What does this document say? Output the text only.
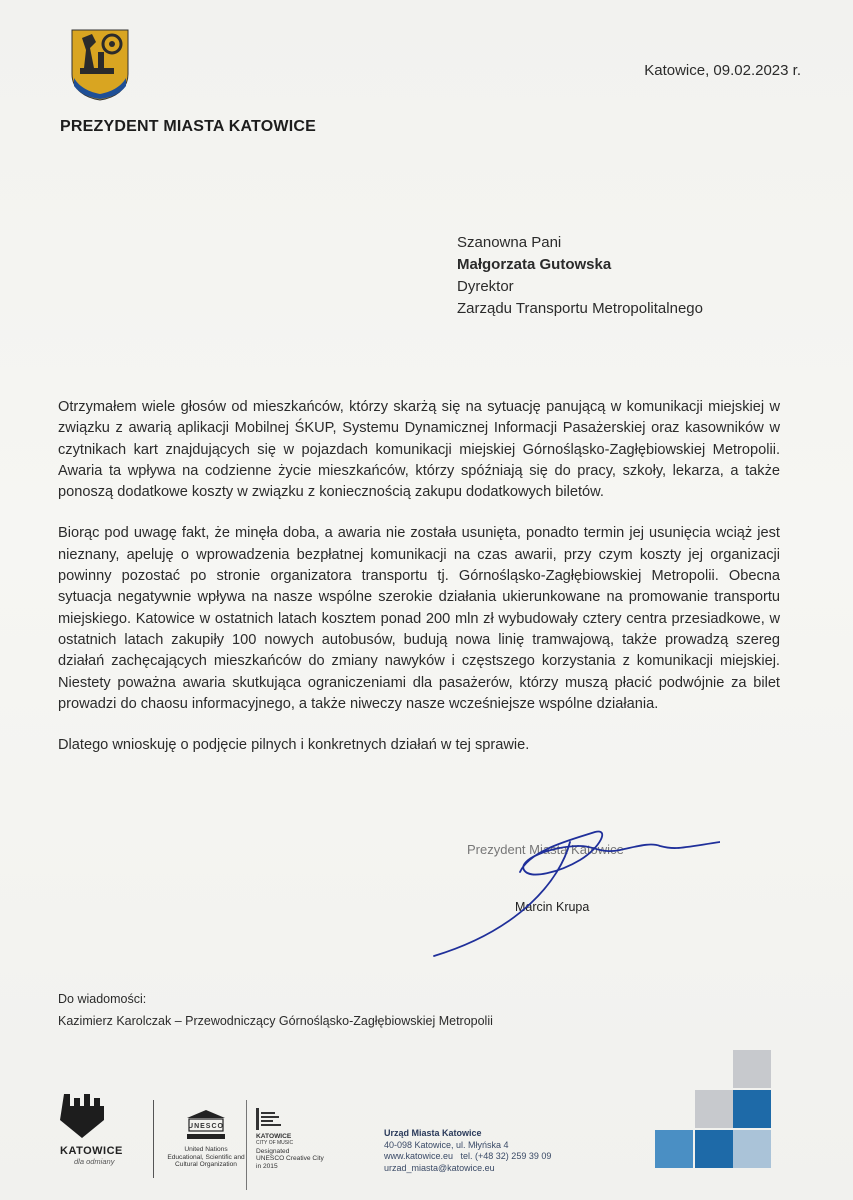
PREZYDENT MIASTA KATOWICE
Katowice, 09.02.2023 r.
Szanowna Pani
Małgorzata Gutowska
Dyrektor
Zarządu Transportu Metropolitalnego

Otrzymałem wiele głosów od mieszkańców, którzy skarżą się na sytuację panującą w komunikacji miejskiej w związku z awarią aplikacji Mobilnej ŚKUP, Systemu Dynamicznej Informacji Pasażerskiej oraz kasowników w czytnikach kart znajdujących się w pojazdach komunikacji miejskiej Górnośląsko-Zagłębiowskiej Metropolii. Awaria ta wpływa na codzienne życie mieszkańców, którzy spóźniają się do pracy, szkoły, lekarza, a także ponoszą dodatkowe koszty w związku z koniecznością zakupu dodatkowych biletów.

Biorąc pod uwagę fakt, że minęła doba, a awaria nie została usunięta, ponadto termin jej usunięcia wciąż jest nieznany, apeluję o wprowadzenia bezpłatnej komunikacji na czas awarii, przy czym koszty jej organizacji powinny pozostać po stronie organizatora transportu tj. Górnośląsko-Zagłębiowskiej Metropolii. Obecna sytuacja negatywnie wpływa na nasze wspólne szerokie działania ukierunkowane na promowanie transportu miejskiego. Katowice w ostatnich latach kosztem ponad 200 mln zł wybudowały cztery centra przesiadkowe, w ostatnich latach zakupiły 100 nowych autobusów, budują nowa linię tramwajową, także prowadzą szereg działań zachęcających mieszkańców do zmiany nawyków i częstszego korzystania z komunikacji miejskiej. Niestety poważna awaria skutkująca ograniczeniami dla pasażerów, którzy muszą płacić podwójnie za bilet prowadzi do chaosu informacyjnego, a także niweczy nasze wcześniejsze wspólne działania.

Dlatego wnioskuję o podjęcie pilnych i konkretnych działań w tej sprawie.

Prezydent Miasta Katowice
Marcin Krupa
Do wiadomości:
Kazimierz Karolczak – Przewodniczący Górnośląsko-Zagłębiowskiej Metropolii
KATOWICE
dla odmiany
UNESCO
United Nations
Educational, Scientific and
Cultural Organization
KATOWICE
CITY OF MUSIC
Designated
UNESCO Creative City
in 2015
Urząd Miasta Katowice
40-098 Katowice, ul. Młyńska 4
www.katowice.eu   tel. (+48 32) 259 39 09
urzad_miasta@katowice.eu
